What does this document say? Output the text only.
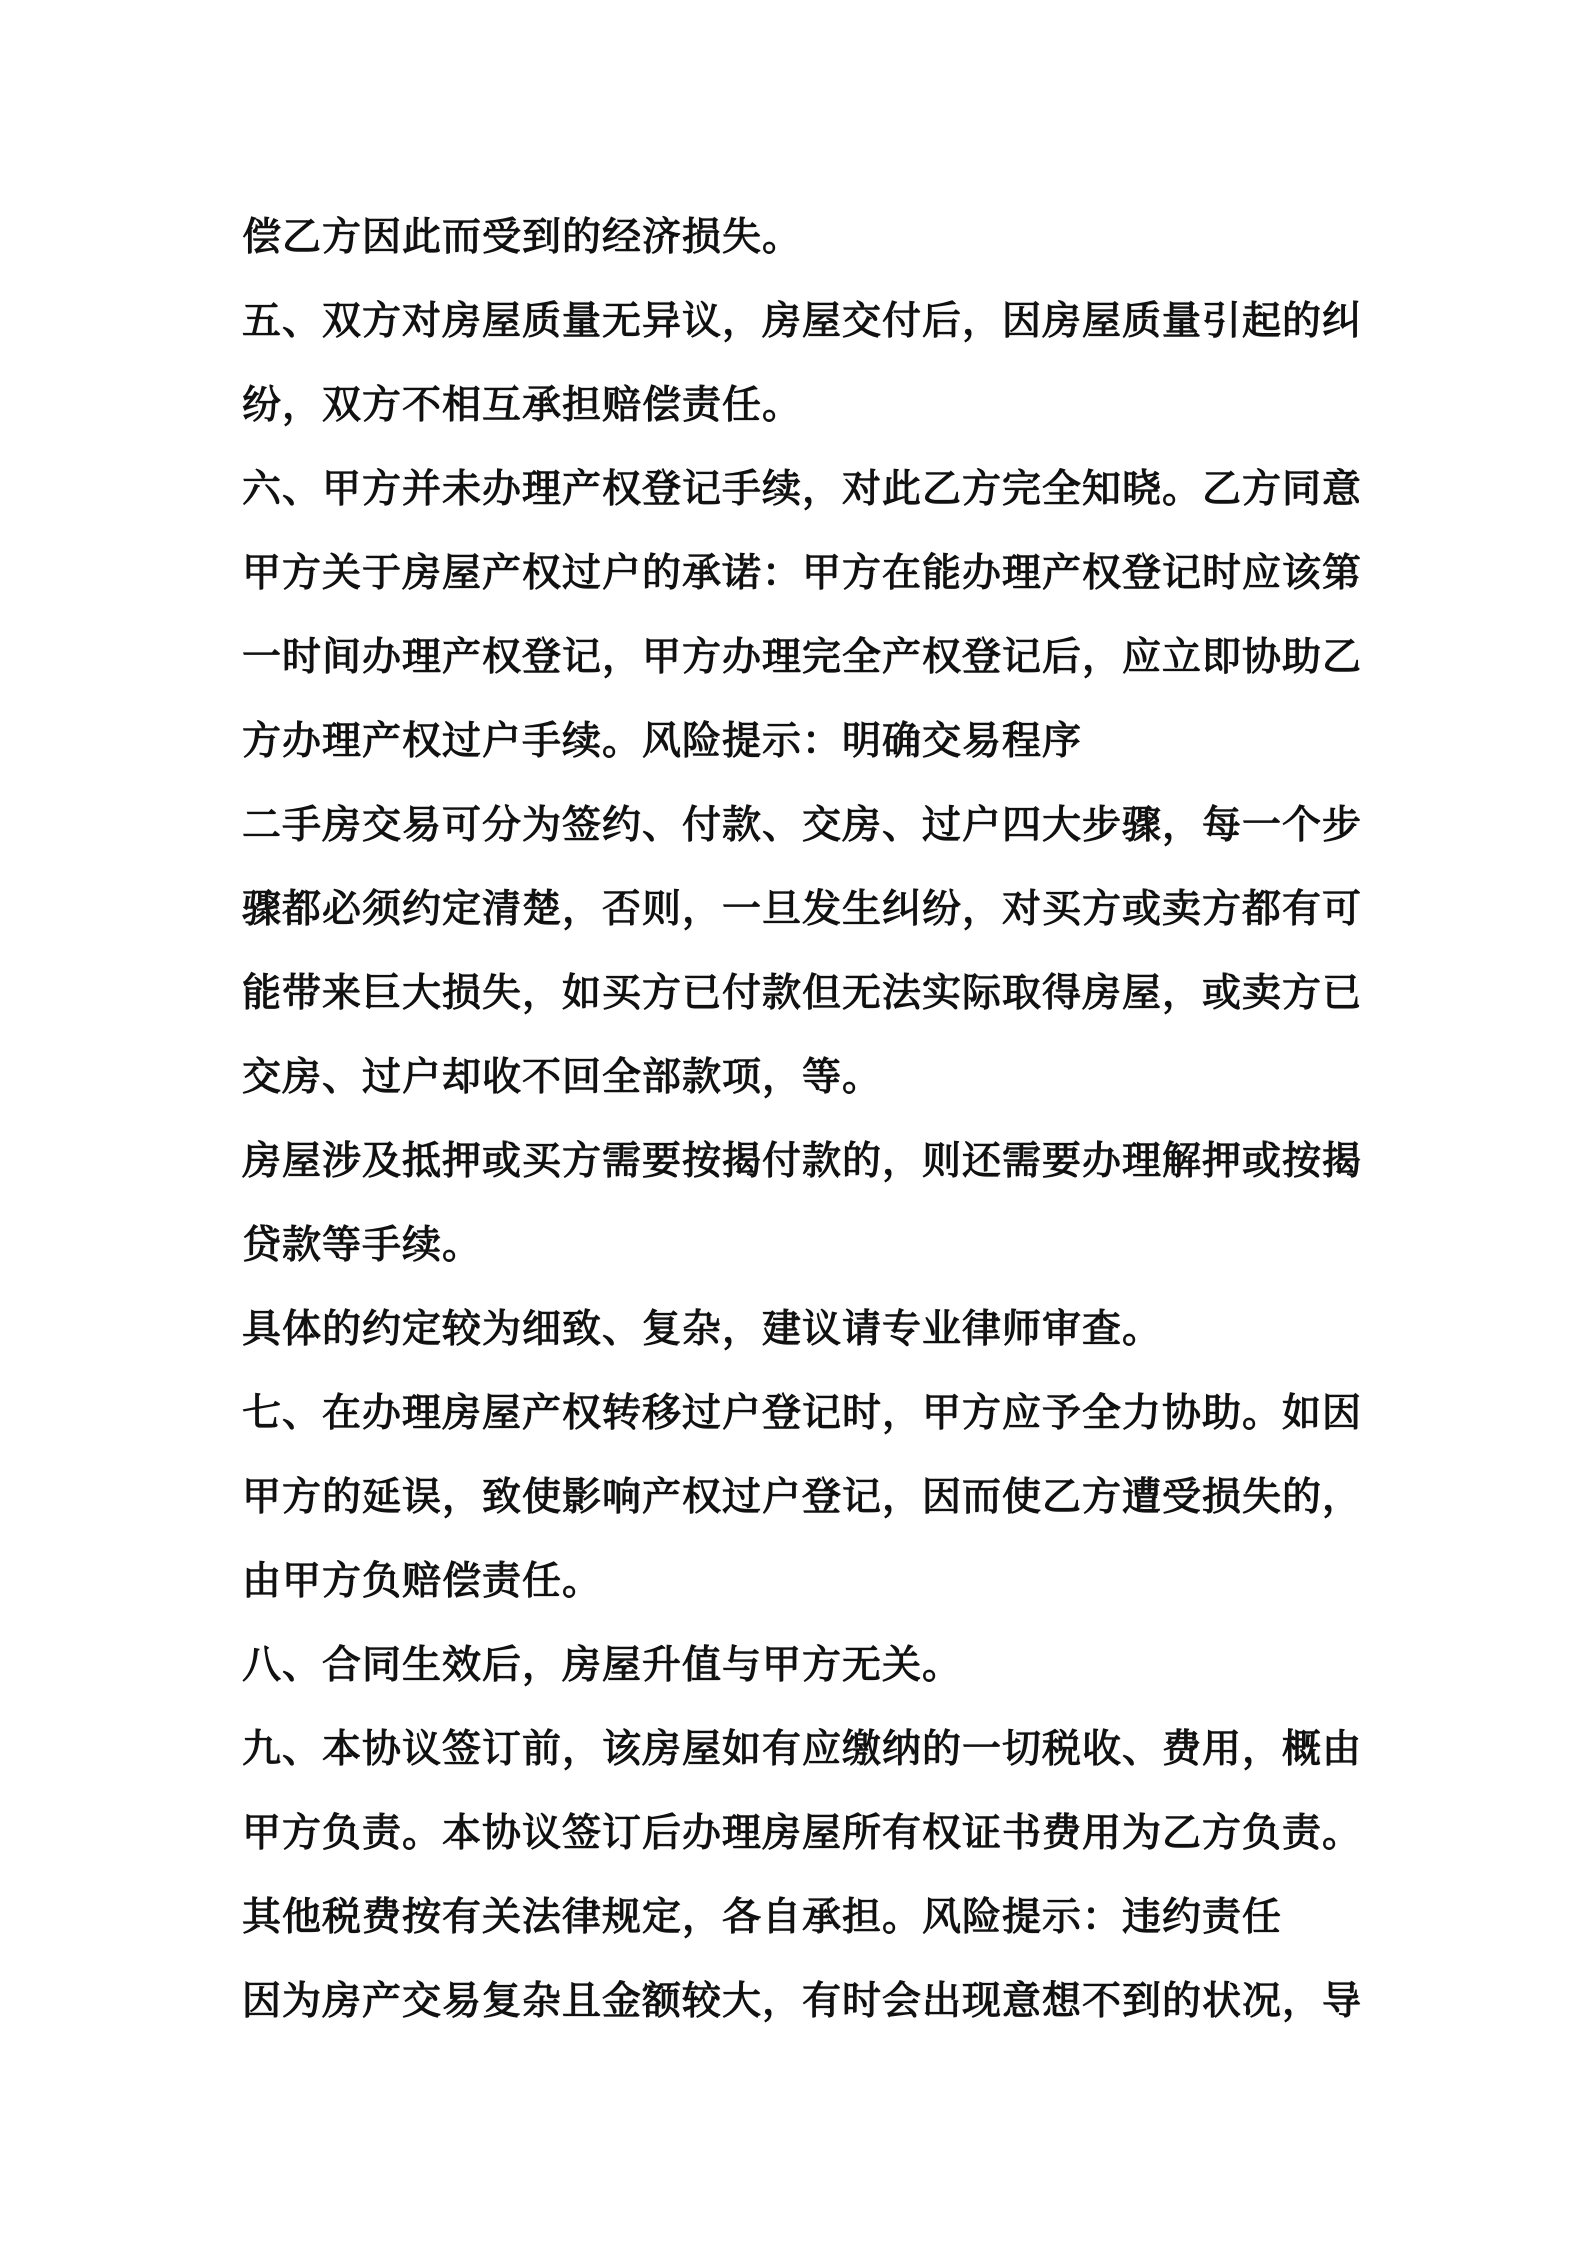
偿乙方因此而受到的经济损失。
五、双方对房屋质量无异议，房屋交付后，因房屋质量引起的纠
纷，双方不相互承担赔偿责任。
六、甲方并未办理产权登记手续，对此乙方完全知晓。乙方同意
甲方关于房屋产权过户的承诺：甲方在能办理产权登记时应该第
一时间办理产权登记，甲方办理完全产权登记后，应立即协助乙
方办理产权过户手续。风险提示：明确交易程序
二手房交易可分为签约、付款、交房、过户四大步骤，每一个步
骤都必须约定清楚，否则，一旦发生纠纷，对买方或卖方都有可
能带来巨大损失，如买方已付款但无法实际取得房屋，或卖方已
交房、过户却收不回全部款项，等。
房屋涉及抵押或买方需要按揭付款的，则还需要办理解押或按揭
贷款等手续。
具体的约定较为细致、复杂，建议请专业律师审查。
七、在办理房屋产权转移过户登记时，甲方应予全力协助。如因
甲方的延误，致使影响产权过户登记，因而使乙方遭受损失的，
由甲方负赔偿责任。
八、合同生效后，房屋升值与甲方无关。
九、本协议签订前，该房屋如有应缴纳的一切税收、费用，概由
甲方负责。本协议签订后办理房屋所有权证书费用为乙方负责。
其他税费按有关法律规定，各自承担。风险提示：违约责任
因为房产交易复杂且金额较大，有时会出现意想不到的状况，导
